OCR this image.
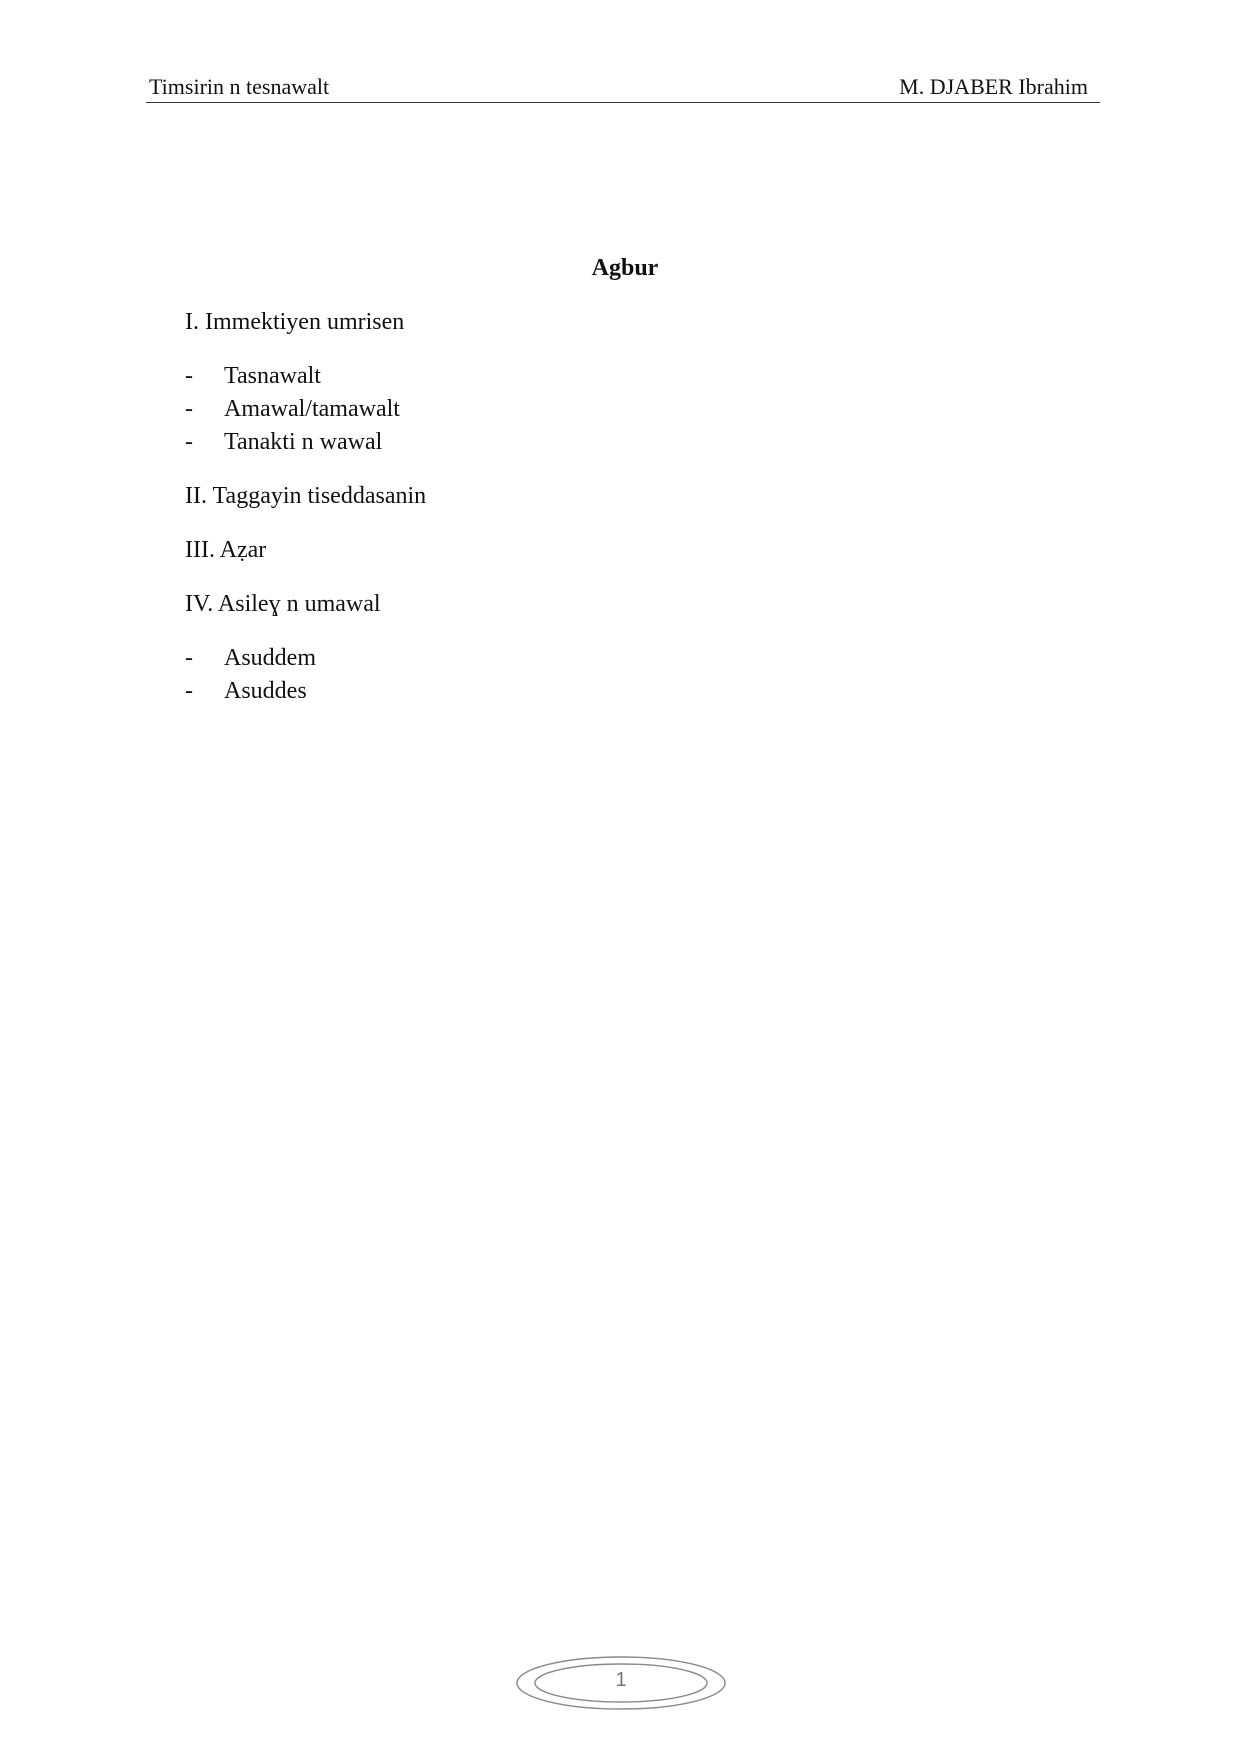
Timsirin n tesnawalt	M. DJABER Ibrahim
Agbur
I. Immektiyen umrisen
- Tasnawalt
- Amawal/tamawalt
- Tanakti n wawal
II. Taggayin tiseddasanin
III. Aẓar
IV. Asileɣ n umawal
- Asuddem
- Asuddes
1
